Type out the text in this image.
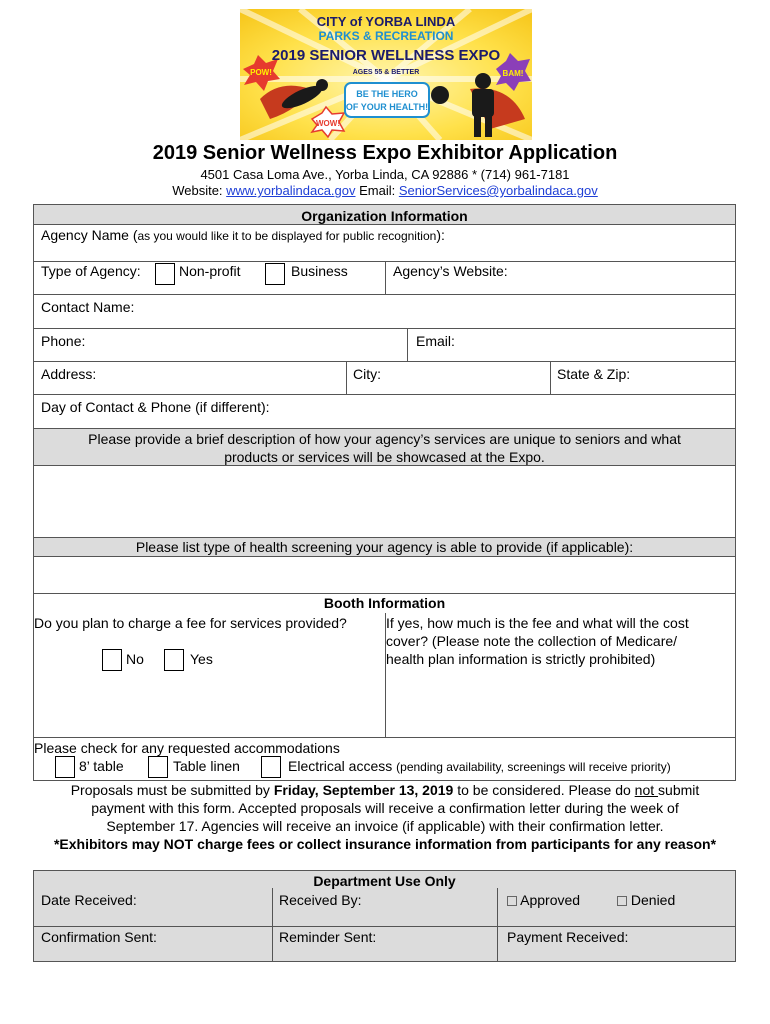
POW!	BAM!
WOW!
CITY of YORBA LINDA
PARKS & RECREATION
2019 SENIOR WELLNESS EXPO
AGES 55 & BETTER
BE THE HERO
OF YOUR HEALTH!
2019 Senior Wellness Expo Exhibitor Application
4501 Casa Loma Ave., Yorba Linda, CA 92886 * (714) 961-7181
Website: www.yorbalindaca.gov Email: SeniorServices@yorbalindaca.gov
Organization Information
Agency Name (as you would like it to be displayed for public recognition):
Type of Agency:	Non-profit	Business	Agency’s Website:
Contact Name:
Phone:	Email:
Address:	City:	State & Zip:
Day of Contact & Phone (if different):
Please provide a brief description of how your agency’s services are unique to seniors and what
products or services will be showcased at the Expo.
Please list type of health screening your agency is able to provide (if applicable):
Booth Information
Do you plan to charge a fee for services provided?
No	Yes
If yes, how much is the fee and what will the cost
cover? (Please note the collection of Medicare/
health plan information is strictly prohibited)
Please check for any requested accommodations
8’ table	Table linen	Electrical access (pending availability, screenings will receive priority)
Proposals must be submitted by Friday, September 13, 2019 to be considered. Please do not submit
payment with this form. Accepted proposals will receive a confirmation letter during the week of
September 17. Agencies will receive an invoice (if applicable) with their confirmation letter.
*Exhibitors may NOT charge fees or collect insurance information from participants for any reason*
Department Use Only
Date Received:	Received By:	Approved	Denied
Confirmation Sent:	Reminder Sent:	Payment Received:
